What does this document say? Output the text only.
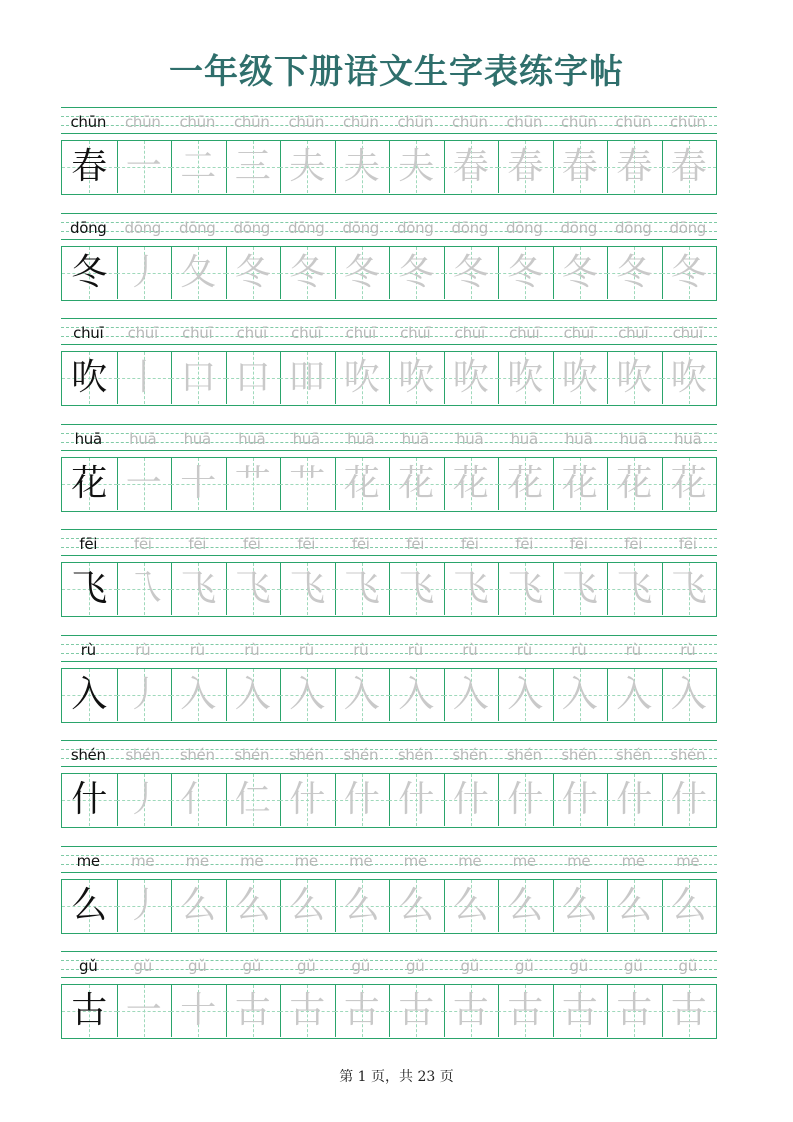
一年级下册语文生字表练字帖
chūn	chūn	chūn	chūn	chūn	chūn	chūn	chūn	chūn	chūn	chūn	chūn
春 一 二 三 夫 夫 夫 春 春 春 春 春
dōng	dōng	dōng	dōng	dōng	dōng	dōng	dōng	dōng	dōng	dōng	dōng
冬 丿 夂 冬 冬 冬 冬 冬 冬 冬 冬 冬
chuī	chuī	chuī	chuī	chuī	chuī	chuī	chuī	chuī	chuī	chuī	chuī
吹 丨 口 口 吅 吹 吹 吹 吹 吹 吹 吹
huā	huā	huā	huā	huā	huā	huā	huā	huā	huā	huā	huā
花 一 十 艹 艹 花 花 花 花 花 花 花
fēi	fēi	fēi	fēi	fēi	fēi	fēi	fēi	fēi	fēi	fēi	fēi
飞 乁 飞 飞 飞 飞 飞 飞 飞 飞 飞 飞
rù	rù	rù	rù	rù	rù	rù	rù	rù	rù	rù	rù
入 丿 入 入 入 入 入 入 入 入 入 入
shén	shén	shén	shén	shén	shén	shén	shén	shén	shén	shén	shén
什 丿 亻 仁 什 什 什 什 什 什 什 什
me	me	me	me	me	me	me	me	me	me	me	me
么 丿 么 么 么 么 么 么 么 么 么 么
gǔ	gǔ	gǔ	gǔ	gǔ	gǔ	gǔ	gǔ	gǔ	gǔ	gǔ	gǔ
古 一 十 古 古 古 古 古 古 古 古 古
第 1 页，共 23 页
